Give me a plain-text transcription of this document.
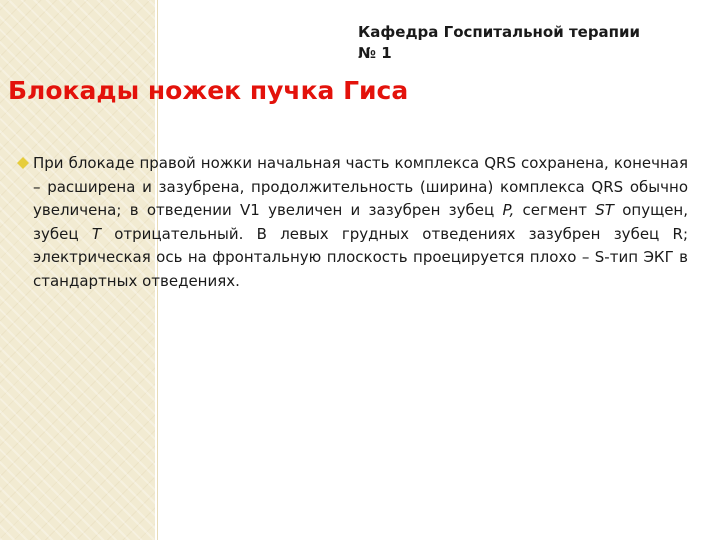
Кафедра Госпитальной терапии
№ 1
Блокады ножек пучка Гиса

При блокаде правой ножки начальная часть комплекса QRS сохранена, конечная – расширена и зазубрена, продолжительность (ширина) комплекса QRS обычно увеличена; в отведении V1 увеличен и зазубрен зубец P, сегмент ST опущен, зубец T отрицательный. В левых грудных отведениях зазубрен зубец R; электрическая ось на фронтальную плоскость проецируется плохо – S-тип ЭКГ в стандартных отведениях.
